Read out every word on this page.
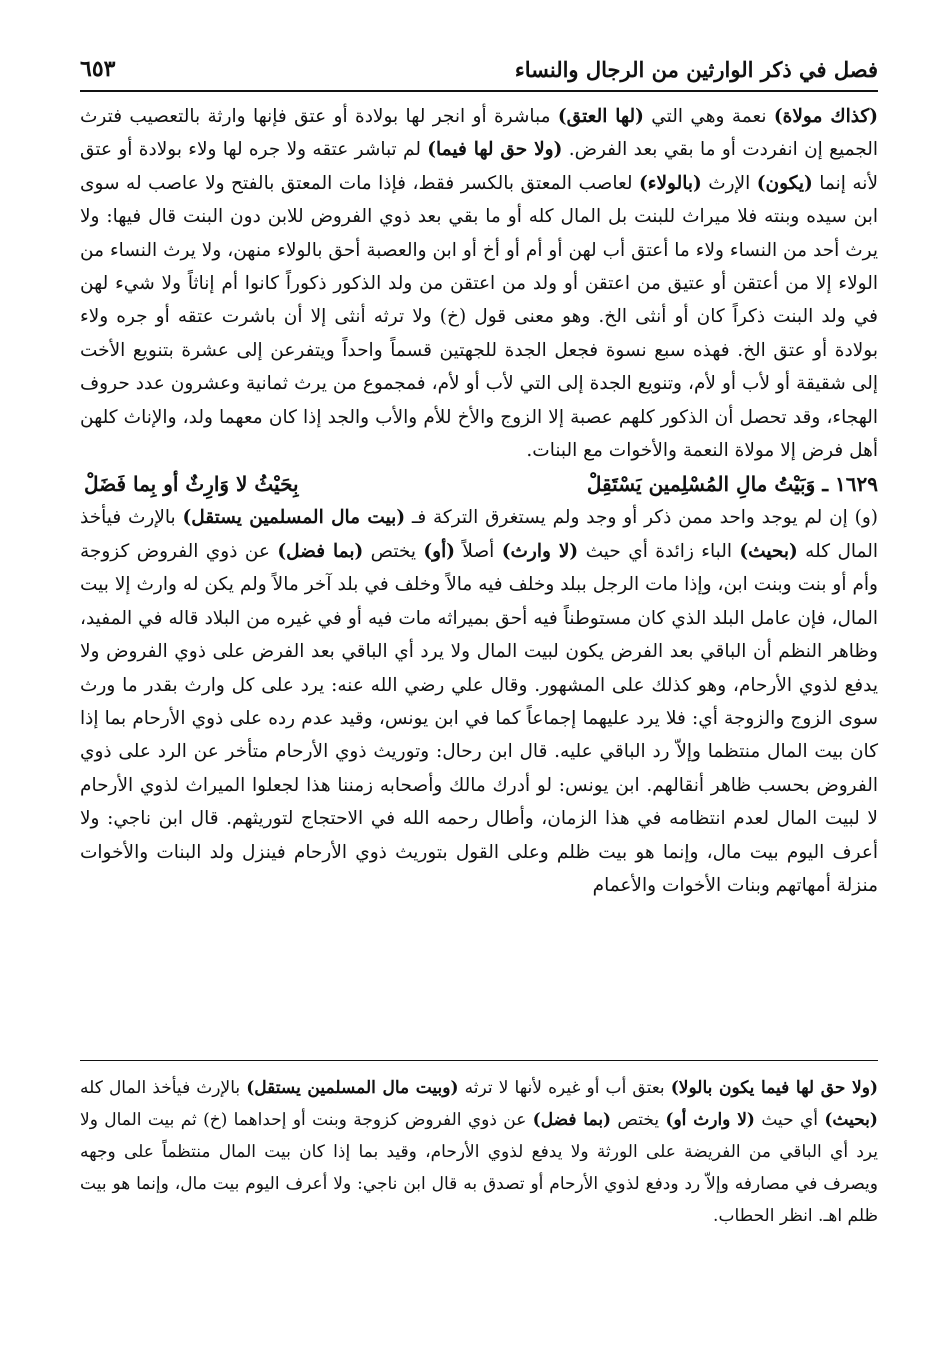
فصل في ذكر الوارثين من الرجال والنساء
٦٥٣

(كذاك مولاة) نعمة وهي التي (لها العتق) مباشرة أو انجر لها بولادة أو عتق فإنها وارثة بالتعصيب فترث الجميع إن انفردت أو ما بقي بعد الفرض. (ولا حق لها فيما) لم تباشر عتقه ولا جره لها ولاء بولادة أو عتق لأنه إنما (يكون) الإرث (بالولاء) لعاصب المعتق بالكسر فقط، فإذا مات المعتق بالفتح ولا عاصب له سوى ابن سيده وبنته فلا ميراث للبنت بل المال كله أو ما بقي بعد ذوي الفروض للابن دون البنت قال فيها: ولا يرث أحد من النساء ولاء ما أعتق أب لهن أو أم أو أخ أو ابن والعصبة أحق بالولاء منهن، ولا يرث النساء من الولاء إلا من أعتقن أو عتيق من اعتقن أو ولد من اعتقن من ولد الذكور ذكوراً كانوا أم إناثاً ولا شيء لهن في ولد البنت ذكراً كان أو أنثى الخ. وهو معنى قول (خ) ولا ترثه أنثى إلا أن باشرت عتقه أو جره ولاء بولادة أو عتق الخ. فهذه سبع نسوة فجعل الجدة للجهتين قسماً واحداً ويتفرعن إلى عشرة بتنويع الأخت إلى شقيقة أو لأب أو لأم، وتنويع الجدة إلى التي لأب أو لأم، فمجموع من يرث ثمانية وعشرون عدد حروف الهجاء، وقد تحصل أن الذكور كلهم عصبة إلا الزوج والأخ للأم والأب والجد إذا كان معهما ولد، والإناث كلهن أهل فرض إلا مولاة النعمة والأخوات مع البنات.

١٦٢٩ ـ وَبَيْتُ مالِ المُسْلِمين يَسْتَقِلْ
بِحَيْثُ لا وَارِثٌ أو بِما فَضَلْ

(و) إن لم يوجد واحد ممن ذكر أو وجد ولم يستغرق التركة فـ (بيت مال المسلمين يستقل) بالإرث فيأخذ المال كله (بحيث) الباء زائدة أي حيث (لا وارث) أصلاً (أو) يختص (بما فضل) عن ذوي الفروض كزوجة وأم أو بنت وبنت ابن، وإذا مات الرجل ببلد وخلف فيه مالاً وخلف في بلد آخر مالاً ولم يكن له وارث إلا بيت المال، فإن عامل البلد الذي كان مستوطناً فيه أحق بميراثه مات فيه أو في غيره من البلاد قاله في المفيد، وظاهر النظم أن الباقي بعد الفرض يكون لبيت المال ولا يرد أي الباقي بعد الفرض على ذوي الفروض ولا يدفع لذوي الأرحام، وهو كذلك على المشهور. وقال علي رضي الله عنه: يرد على كل وارث بقدر ما ورث سوى الزوج والزوجة أي: فلا يرد عليهما إجماعاً كما في ابن يونس، وقيد عدم رده على ذوي الأرحام بما إذا كان بيت المال منتظما وإلاّ رد الباقي عليه. قال ابن رحال: وتوريث ذوي الأرحام متأخر عن الرد على ذوي الفروض بحسب ظاهر أنقالهم. ابن يونس: لو أدرك مالك وأصحابه زمننا هذا لجعلوا الميراث لذوي الأرحام لا لبيت المال لعدم انتظامه في هذا الزمان، وأطال رحمه الله في الاحتجاج لتوريثهم. قال ابن ناجي: ولا أعرف اليوم بيت مال، وإنما هو بيت ظلم وعلى القول بتوريث ذوي الأرحام فينزل ولد البنات والأخوات منزلة أمهاتهم وبنات الأخوات والأعمام

(ولا حق لها فيما يكون بالولا) بعتق أب أو غيره لأنها لا ترثه (وبيت مال المسلمين يستقل) بالإرث فيأخذ المال كله (بحيث) أي حيث (لا وارث أو) يختص (بما فضل) عن ذوي الفروض كزوجة وبنت أو إحداهما (خ) ثم بيت المال ولا يرد أي الباقي من الفريضة على الورثة ولا يدفع لذوي الأرحام، وقيد بما إذا كان بيت المال منتظماً على وجهه ويصرف في مصارفه وإلاّ رد ودفع لذوي الأرحام أو تصدق به قال ابن ناجي: ولا أعرف اليوم بيت مال، وإنما هو بيت ظلم اهـ. انظر الحطاب.
